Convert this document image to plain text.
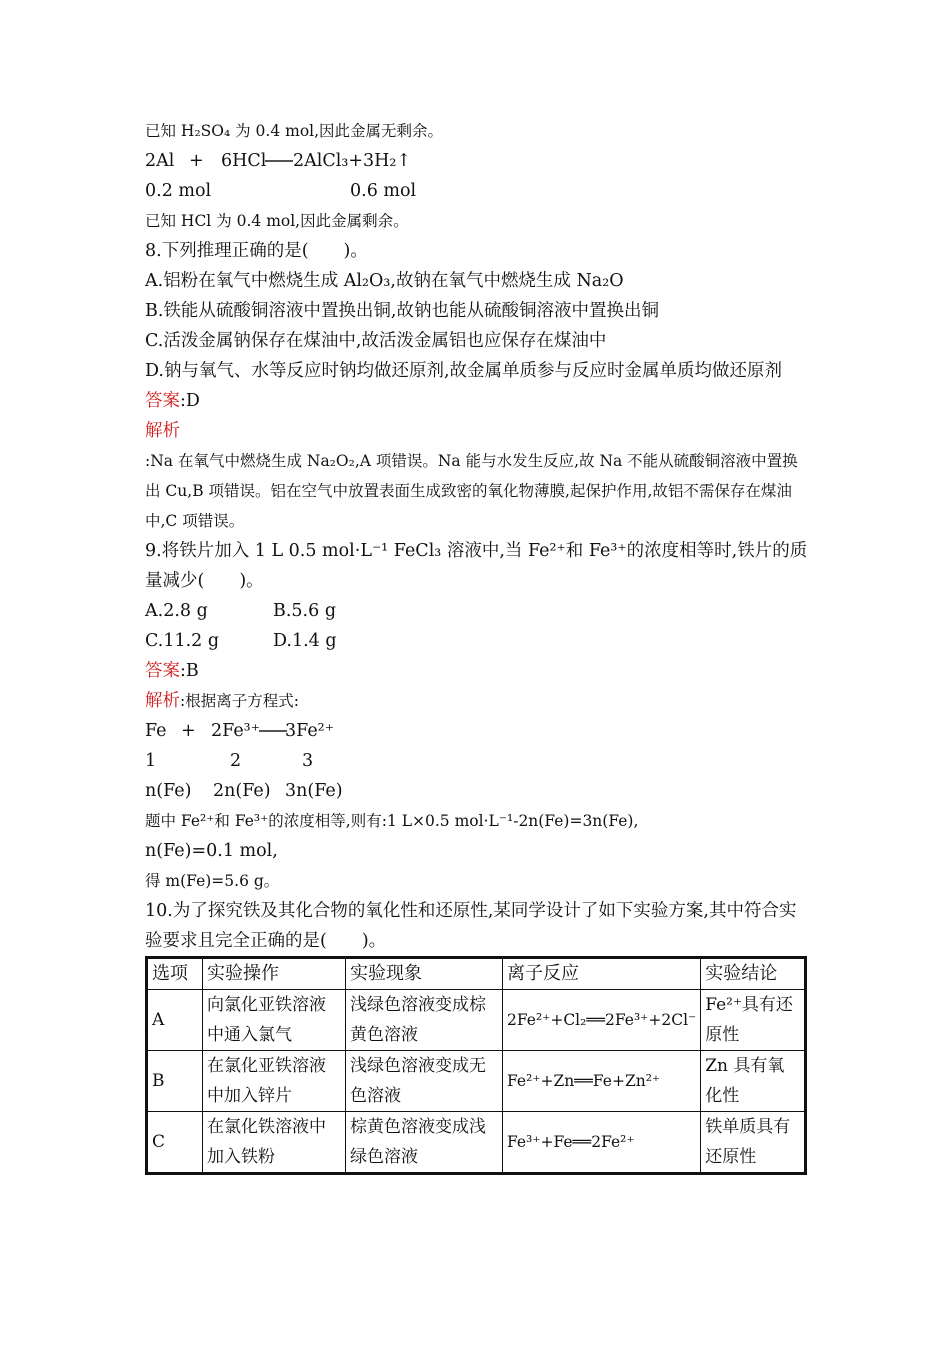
已知 H₂SO₄ 为 0.4 mol,因此金属无剩余。
2Al + 6HCl 2AlCl₃+3H₂↑
0.2 mol	0.6 mol
已知 HCl 为 0.4 mol,因此金属剩余。
8.下列推理正确的是(　　)。
A.铝粉在氧气中燃烧生成 Al₂O₃,故钠在氧气中燃烧生成 Na₂O
B.铁能从硫酸铜溶液中置换出铜,故钠也能从硫酸铜溶液中置换出铜
C.活泼金属钠保存在煤油中,故活泼金属铝也应保存在煤油中
D.钠与氧气、水等反应时钠均做还原剂,故金属单质参与反应时金属单质均做还原剂
答案:D
解析:Na 在氧气中燃烧生成 Na₂O₂,A 项错误。Na 能与水发生反应,故 Na 不能从硫酸铜溶液中置换出 Cu,B 项错误。铝在空气中放置表面生成致密的氧化物薄膜,起保护作用,故铝不需保存在煤油中,C 项错误。
9.将铁片加入 1 L 0.5 mol·L⁻¹ FeCl₃ 溶液中,当 Fe²⁺和 Fe³⁺的浓度相等时,铁片的质量减少(　　)。
A.2.8 g	B.5.6 g
C.11.2 g	D.1.4 g
答案:B
解析:根据离子方程式:
Fe + 2Fe³⁺ 3Fe²⁺
1	2	3
n(Fe) 2n(Fe) 3n(Fe)
题中 Fe²⁺和 Fe³⁺的浓度相等,则有:1 L×0.5 mol·L⁻¹-2n(Fe)=3n(Fe),
n(Fe)=0.1 mol,
得 m(Fe)=5.6 g。
10.为了探究铁及其化合物的氧化性和还原性,某同学设计了如下实验方案,其中符合实验要求且完全正确的是(　　)。
选项	实验操作	实验现象	离子反应	实验结论
A	向氯化亚铁溶液中通入氯气	浅绿色溶液变成棕黄色溶液	2Fe²⁺+Cl₂══2Fe³⁺+2Cl⁻	Fe²⁺具有还原性
B	在氯化亚铁溶液中加入锌片	浅绿色溶液变成无色溶液	Fe²⁺+Zn══Fe+Zn²⁺	Zn 具有氧化性
C	在氯化铁溶液中加入铁粉	棕黄色溶液变成浅绿色溶液	Fe³⁺+Fe══2Fe²⁺	铁单质具有还原性
